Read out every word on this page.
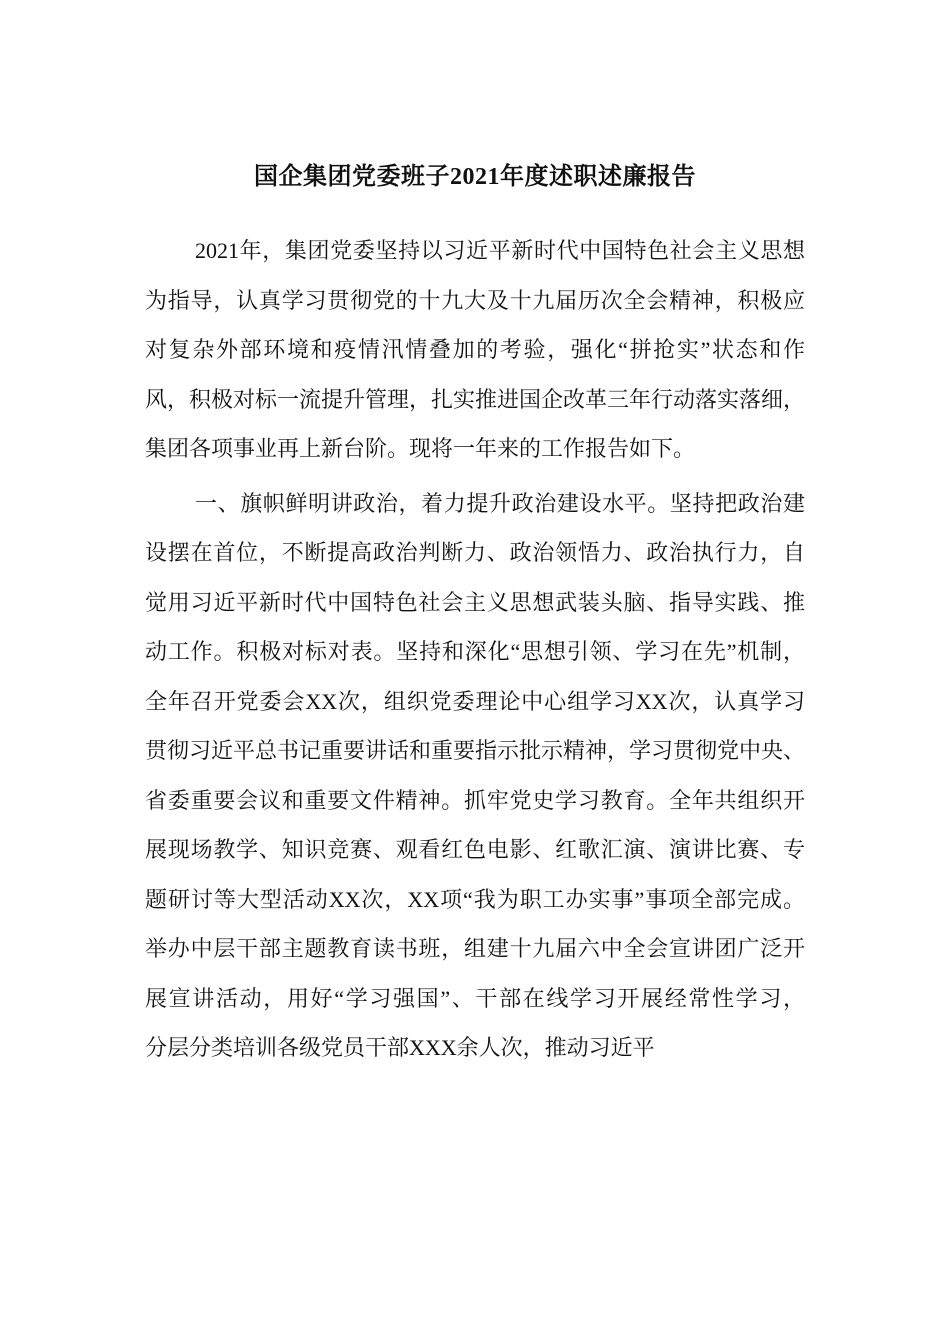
国企集团党委班子2021年度述职述廉报告
2021年，集团党委坚持以习近平新时代中国特色社会主义思想
为指导，认真学习贯彻党的十九大及十九届历次全会精神，积极应
对复杂外部环境和疫情汛情叠加的考验，强化“拼抢实”状态和作
风，积极对标一流提升管理，扎实推进国企改革三年行动落实落细，
集团各项事业再上新台阶。现将一年来的工作报告如下。
一、旗帜鲜明讲政治，着力提升政治建设水平。坚持把政治建
设摆在首位，不断提高政治判断力、政治领悟力、政治执行力，自
觉用习近平新时代中国特色社会主义思想武装头脑、指导实践、推
动工作。积极对标对表。坚持和深化“思想引领、学习在先”机制，
全年召开党委会XX次，组织党委理论中心组学习XX次，认真学习
贯彻习近平总书记重要讲话和重要指示批示精神，学习贯彻党中央、
省委重要会议和重要文件精神。抓牢党史学习教育。全年共组织开
展现场教学、知识竞赛、观看红色电影、红歌汇演、演讲比赛、专
题研讨等大型活动XX次，XX项“我为职工办实事”事项全部完成。
举办中层干部主题教育读书班，组建十九届六中全会宣讲团广泛开
展宣讲活动，用好“学习强国”、干部在线学习开展经常性学习，
分层分类培训各级党员干部XXX余人次，推动习近平
